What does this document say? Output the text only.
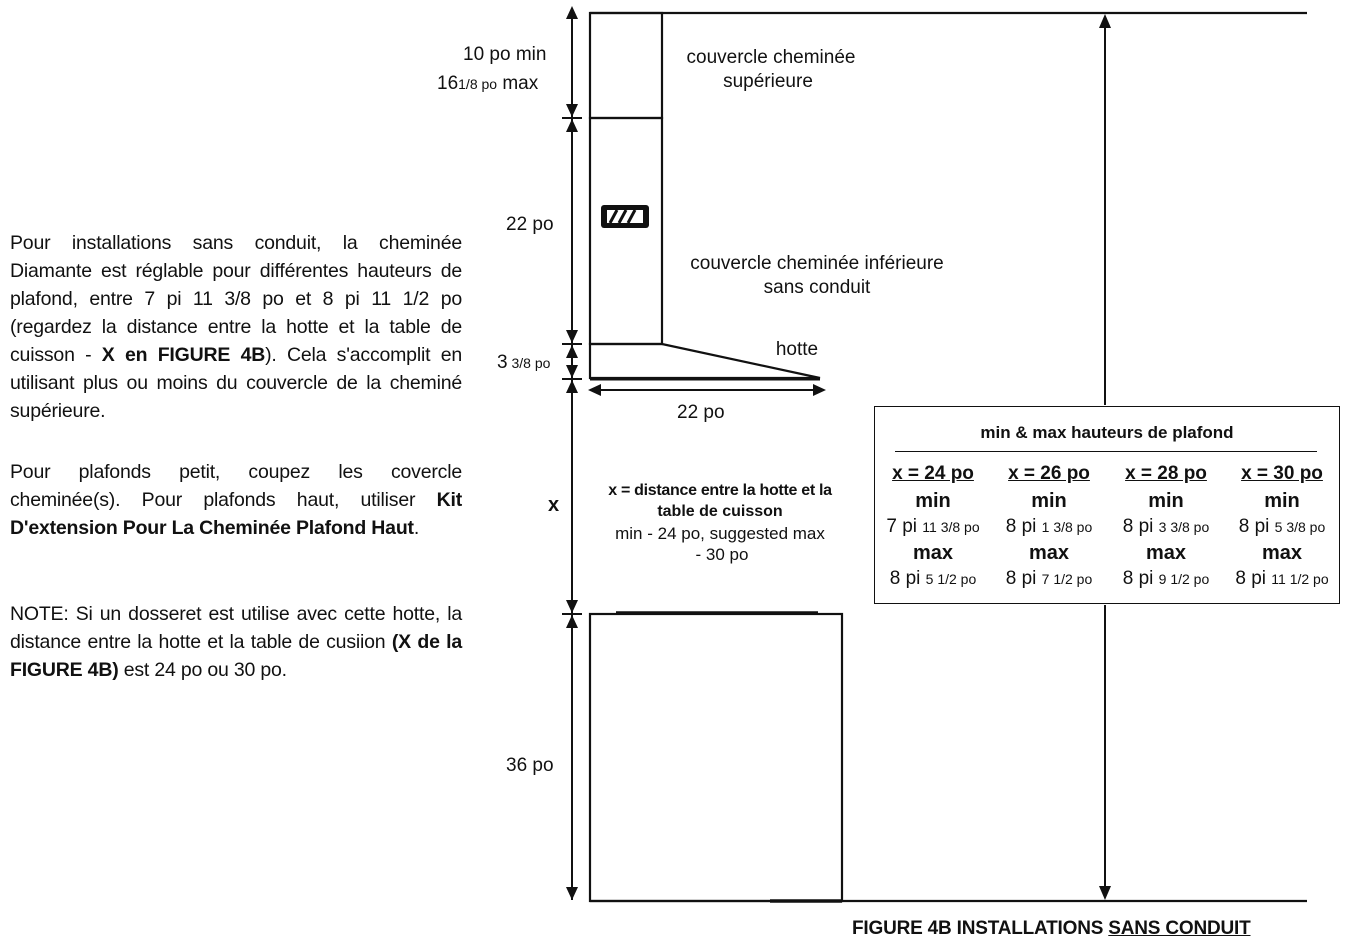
Pour installations sans conduit, la cheminée Diamante est réglable pour différentes hauteurs de plafond, entre 7 pi 11 3/8 po et 8 pi 11 1/2 po (regardez la distance entre la hotte et la table de cuisson - X en FIGURE 4B). Cela s'accomplit en utilisant plus ou moins du couvercle de la cheminé supérieure.
Pour plafonds petit, coupez les covercle cheminée(s). Pour plafonds haut, utiliser Kit D'extension Pour La Cheminée Plafond Haut.
NOTE: Si un dosseret est utilise avec cette hotte, la distance entre la hotte et la table de cusiion (X de la FIGURE 4B) est 24 po ou 30 po.
10 po min
161/8 po max
22 po
3 3/8 po
22 po
x
36 po
couvercle cheminée
supérieure
couvercle cheminée inférieure
sans conduit
hotte
x = distance entre la hotte et la
table de cuisson
min - 24 po, suggested max
- 30 po
min & max hauteurs de plafond
x = 24 po
min
7 pi 11 3/8 po
max
8 pi 5 1/2 po
x = 26 po
min
8 pi 1 3/8 po
max
8 pi 7 1/2 po
x = 28 po
min
8 pi 3 3/8 po
max
8 pi 9 1/2 po
x = 30 po
min
8 pi 5 3/8 po
max
8 pi 11 1/2 po
FIGURE 4B INSTALLATIONS SANS CONDUIT
